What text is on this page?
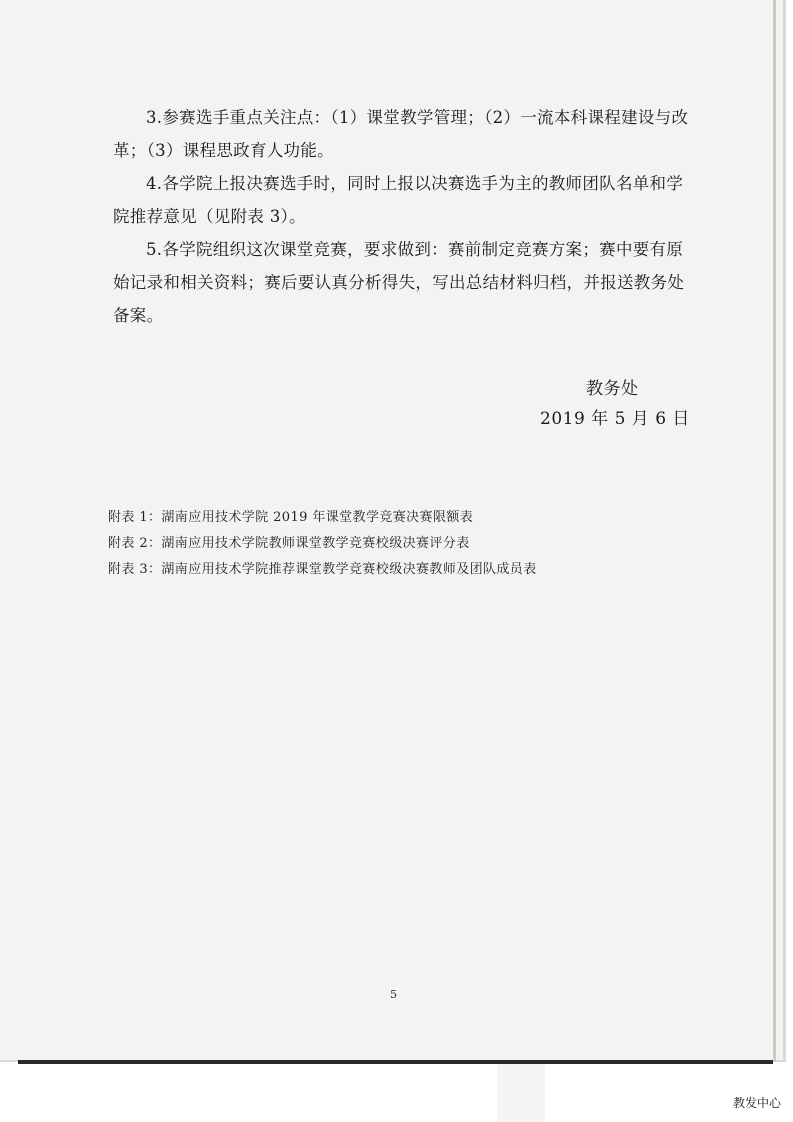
3.参赛选手重点关注点：（1）课堂教学管理；（2）一流本科课程建设与改革；（3）课程思政育人功能。

4.各学院上报决赛选手时，同时上报以决赛选手为主的教师团队名单和学院推荐意见（见附表 3）。

5.各学院组织这次课堂竞赛，要求做到：赛前制定竞赛方案；赛中要有原始记录和相关资料；赛后要认真分析得失，写出总结材料归档，并报送教务处备案。

教务处
2019 年 5 月 6 日
附表 1：湖南应用技术学院 2019 年课堂教学竞赛决赛限额表
附表 2：湖南应用技术学院教师课堂教学竞赛校级决赛评分表
附表 3：湖南应用技术学院推荐课堂教学竞赛校级决赛教师及团队成员表
5
教发中心
